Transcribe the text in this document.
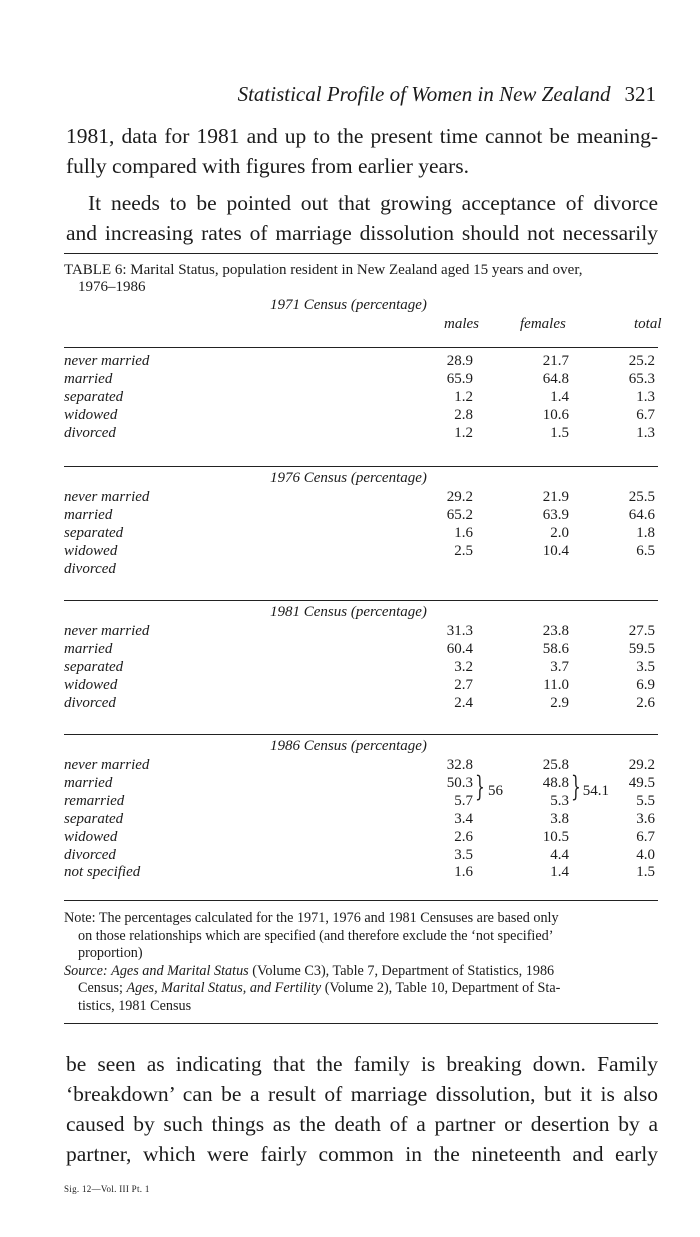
Statistical Profile of Women in New Zealand 321
1981, data for 1981 and up to the present time cannot be meaning-
fully compared with figures from earlier years.
It needs to be pointed out that growing acceptance of divorce
and increasing rates of marriage dissolution should not necessarily
TABLE 6: Marital Status, population resident in New Zealand aged 15 years and over,
1976–1986
1971 Census (percentage)
males	females	total
never married	28.9	21.7	25.2
married	65.9	64.8	65.3
separated	1.2	1.4	1.3
widowed	2.8	10.6	6.7
divorced	1.2	1.5	1.3
1976 Census (percentage)
never married	29.2	21.9	25.5
married	65.2	63.9	64.6
separated	1.6	2.0	1.8
widowed	2.5	10.4	6.5
divorced
1981 Census (percentage)
never married	31.3	23.8	27.5
married	60.4	58.6	59.5
separated	3.2	3.7	3.5
widowed	2.7	11.0	6.9
divorced	2.4	2.9	2.6
1986 Census (percentage)
never married	32.8	25.8	29.2
married	50.3	48.8	49.5
remarried	5.7	5.3	5.5
separated	3.4	3.8	3.6
widowed	2.6	10.5	6.7
divorced	3.5	4.4	4.0
not specified	1.6	1.4	1.5
} 56 } 54.1
Note: The percentages calculated for the 1971, 1976 and 1981 Censuses are based only
on those relationships which are specified (and therefore exclude the ‘not specified’
proportion)
Source: Ages and Marital Status (Volume C3), Table 7, Department of Statistics, 1986
Census; Ages, Marital Status, and Fertility (Volume 2), Table 10, Department of Sta-
tistics, 1981 Census
be seen as indicating that the family is breaking down. Family
‘breakdown’ can be a result of marriage dissolution, but it is also
caused by such things as the death of a partner or desertion by a
partner, which were fairly common in the nineteenth and early
Sig. 12—Vol. III Pt. 1
